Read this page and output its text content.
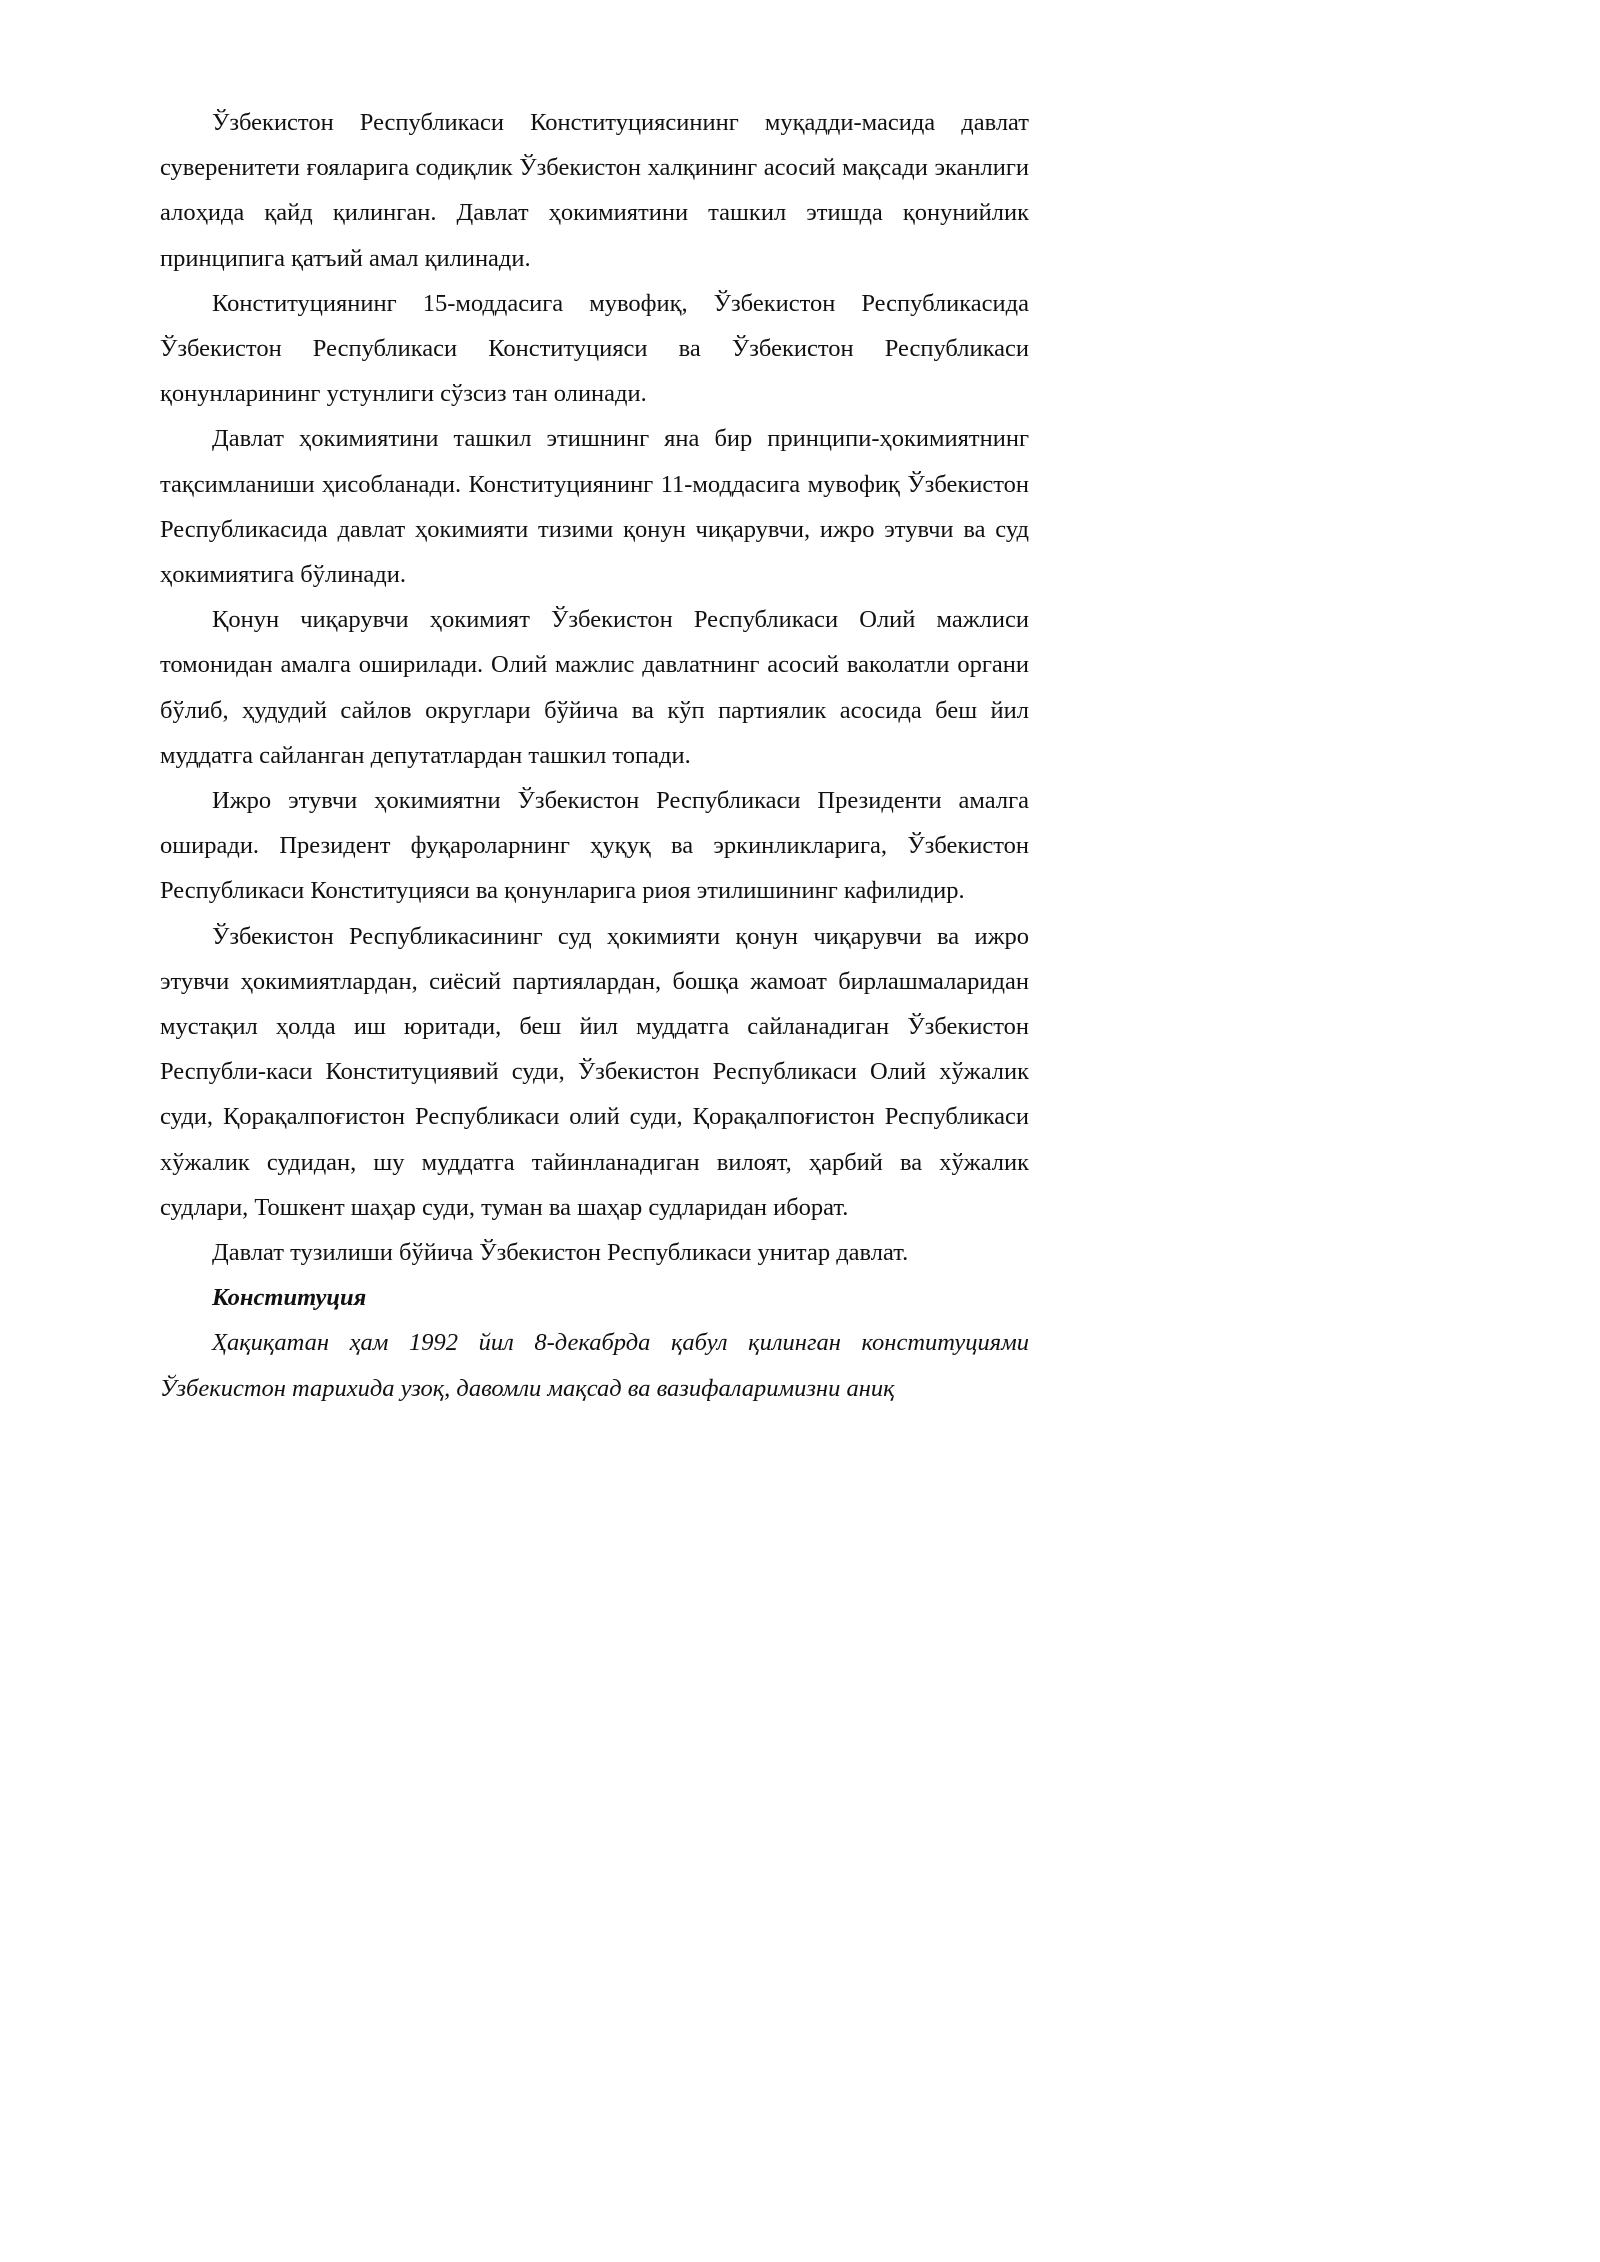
Ўзбекистон Республикаси Конституциясининг муқадди-масида давлат суверенитети ғояларига содиқлик Ўзбекистон халқининг асосий мақсади эканлиги алоҳида қайд қилинган. Давлат ҳокимиятини ташкил этишда қонунийлик принципига қатъий амал қилинади.

Конституциянинг 15-моддасига мувофиқ, Ўзбекистон Республикасида Ўзбекистон Республикаси Конституцияси ва Ўзбекистон Республикаси қонунларининг устунлиги сўзсиз тан олинади.

Давлат ҳокимиятини ташкил этишнинг яна бир принципи-ҳокимиятнинг тақсимланиши ҳисобланади. Конституциянинг 11-моддасига мувофиқ Ўзбекистон Республикасида давлат ҳокимияти тизими қонун чиқарувчи, ижро этувчи ва суд ҳокимиятига бўлинади.

Қонун чиқарувчи ҳокимият Ўзбекистон Республикаси Олий мажлиси томонидан амалга оширилади. Олий мажлис давлатнинг асосий ваколатли органи бўлиб, ҳудудий сайлов округлари бўйича ва кўп партиялик асосида беш йил муддатга сайланган депутатлардан ташкил топади.

Ижро этувчи ҳокимиятни Ўзбекистон Республикаси Президенти амалга оширади. Президент фуқароларнинг ҳуқуқ ва эркинликларига, Ўзбекистон Республикаси Конституцияси ва қонунларига риоя этилишининг кафилидир.

Ўзбекистон Республикасининг суд ҳокимияти қонун чиқарувчи ва ижро этувчи ҳокимиятлардан, сиёсий партиялардан, бошқа жамоат бирлашмаларидан мустақил ҳолда иш юритади, беш йил муддатга сайланадиган Ўзбекистон Республи-каси Конституциявий суди, Ўзбекистон Республикаси Олий хўжалик суди, Қорақалпоғистон Республикаси олий суди, Қорақалпоғистон Республикаси хўжалик судидан, шу муддатга тайинланадиган вилоят, ҳарбий ва хўжалик судлари, Тошкент шаҳар суди, туман ва шаҳар судларидан иборат.

Давлат тузилиши бўйича Ўзбекистон Республикаси унитар давлат.

Конституция

Ҳақиқатан ҳам 1992 йил 8-декабрда қабул қилинган конституциями Ўзбекистон тарихида узоқ, давомли мақсад ва вазифаларимизни аниқ
